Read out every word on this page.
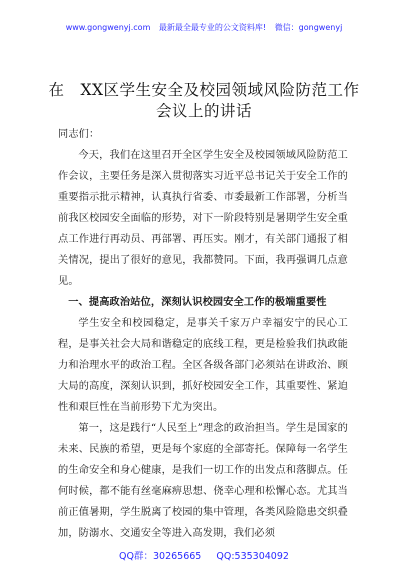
www.gongwenyj.com 最新最全最专业的公文资料库! 微信：gongwenyj
在　XX区学生安全及校园领域风险防范工作
会议上的讲话

同志们：

今天，我们在这里召开全区学生安全及校园领域风险防范工作会议，主要任务是深入贯彻落实习近平总书记关于安全工作的重要指示批示精神，认真执行省委、市委最新工作部署，分析当前我区校园安全面临的形势，对下一阶段特别是暑期学生安全重点工作进行再动员、再部署、再压实。刚才，有关部门通报了相关情况，提出了很好的意见，我都赞同。下面，我再强调几点意见。

一、提高政治站位，深刻认识校园安全工作的极端重要性

学生安全和校园稳定，是事关千家万户幸福安宁的民心工程，是事关社会大局和谐稳定的底线工程，更是检验我们执政能力和治理水平的政治工程。全区各级各部门必须站在讲政治、顾大局的高度，深刻认识到，抓好校园安全工作，其重要性、紧迫性和艰巨性在当前形势下尤为突出。

第一，这是践行“人民至上”理念的政治担当。学生是国家的未来、民族的希望，更是每个家庭的全部寄托。保障每一名学生的生命安全和身心健康，是我们一切工作的出发点和落脚点。任何时候，都不能有丝毫麻痹思想、侥幸心理和松懈心态。尤其当前正值暑期，学生脱离了校园的集中管理，各类风险隐患交织叠加，防溺水、交通安全等进入高发期，我们必须

QQ群：30265665 QQ:535304092
